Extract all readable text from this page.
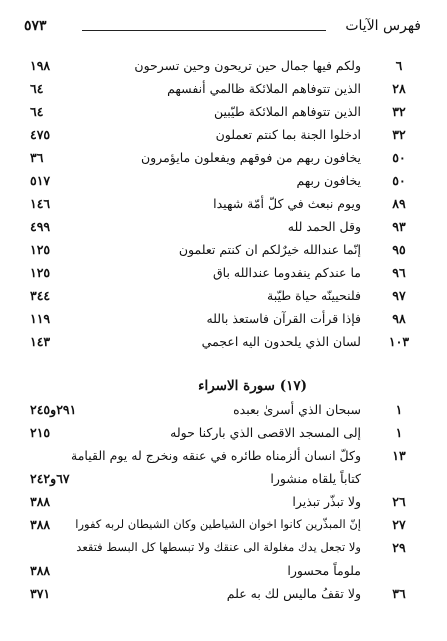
فهرس الآيات
٥٧٣
٦
ولكم فيها جمال حين تريحون وحين تسرحون
١٩٨
٢٨
الذين تتوفاهم الملائكة ظالمي أنفسهم
٦٤
٣٢
الذين تتوفاهم الملائكة طيّبين
٦٤
٣٢
ادخلوا الجنة بما كنتم تعملون
٤٧٥
٥٠
يخافون ربهم من فوقهم ويفعلون مايؤمرون
٣٦
٥٠
يخافون ربهم
٥١٧
٨٩
ويوم نبعث في كلّ أمّة شهيدا
١٤٦
٩٣
وقل الحمد لله
٤٩٩
٩٥
إنّما عندالله خيرٌلكم ان كنتم تعلمون
١٢٥
٩٦
ما عندكم ينفدوما عندالله باق
١٢٥
٩٧
فلنحيينّه حياة طيّبة
٣٤٤
٩٨
فإذا قرأت القرآن فاستعذ بالله
١١٩
١٠٣
لسان الذي يلحدون اليه اعجمي
١٤٣
(١٧) سورة الاسراء
١
سبحان الذي أسرىٰ بعبده
٢٩١و٢٤٥
١
إلى المسجد الاقصى الذي باركنا حوله
٢١٥
١٣
وكلّ انسان ألزمناه طائره في عنقه ونخرج له يوم القيامة
كتاباً يلقاه منشورا
٦٧و٢٤٢
٢٦
ولا تبذّر تبذيرا
٣٨٨
٢٧
إنّ المبذّرين كانوا اخوان الشياطين وكان الشيطان لربه كفورا
٣٨٨
٢٩
ولا تجعل يدك مغلولة الى عنقك ولا تبسطها كل البسط فتقعد
ملوماً محسورا
٣٨٨
٣٦
ولا تقفُ ماليس لك به علم
٣٧١
